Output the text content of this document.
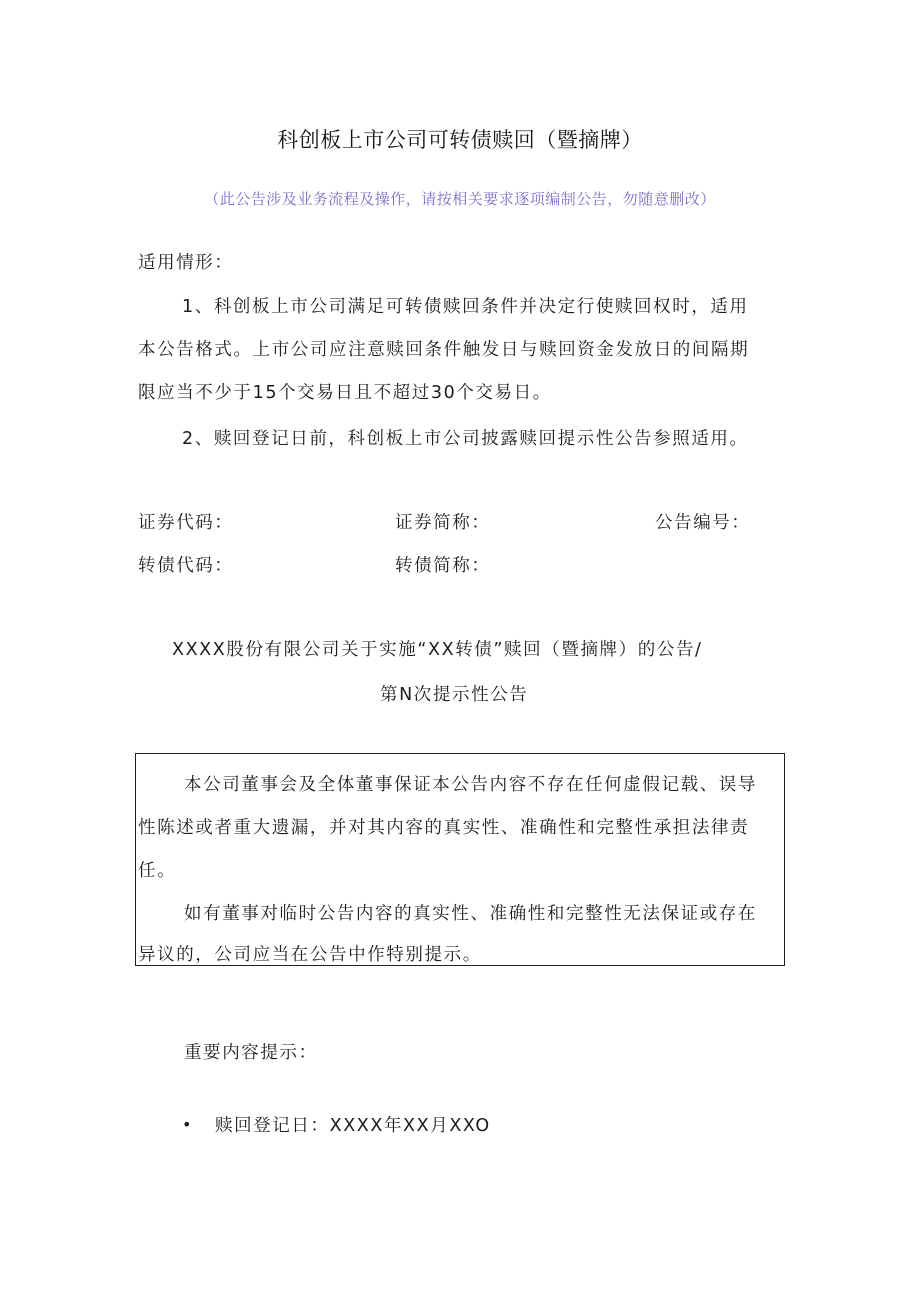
科创板上市公司可转债赎回（暨摘牌）
（此公告涉及业务流程及操作，请按相关要求逐项编制公告，勿随意删改）
适用情形：
1、科创板上市公司满足可转债赎回条件并决定行使赎回权时，适用
本公告格式。上市公司应注意赎回条件触发日与赎回资金发放日的间隔期
限应当不少于15个交易日且不超过30个交易日。
2、赎回登记日前，科创板上市公司披露赎回提示性公告参照适用。
证券代码：	证券简称：	公告编号：
转债代码：	转债简称：
XXXX股份有限公司关于实施“XX转债”赎回（暨摘牌）的公告/
第N次提示性公告
本公司董事会及全体董事保证本公告内容不存在任何虚假记载、误导
性陈述或者重大遗漏，并对其内容的真实性、准确性和完整性承担法律责
任。
如有董事对临时公告内容的真实性、准确性和完整性无法保证或存在
异议的，公司应当在公告中作特别提示。
重要内容提示：
• 赎回登记日：XXXX年XX月XXO
